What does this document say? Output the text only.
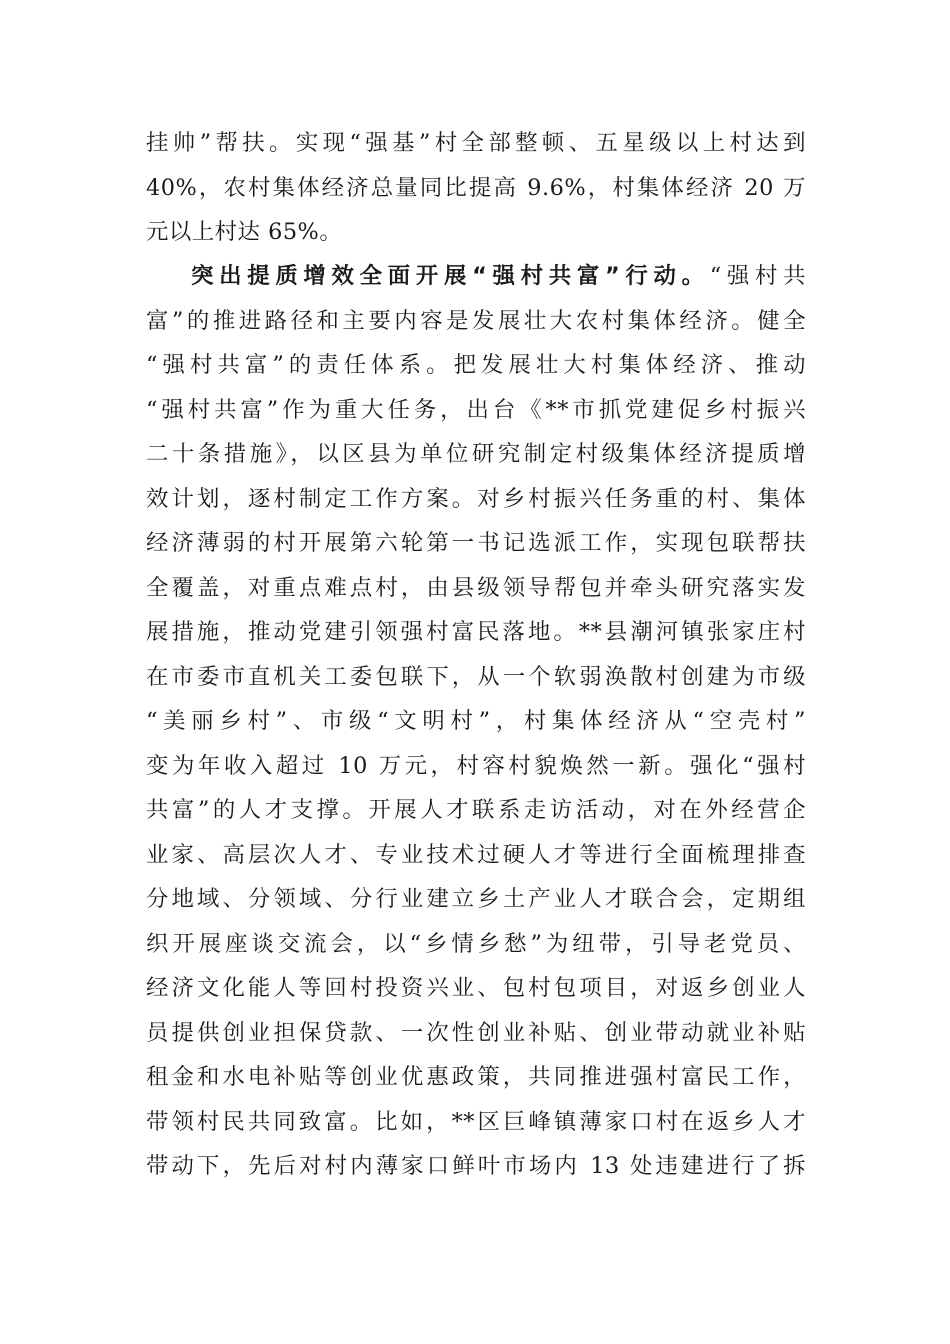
挂帅”帮扶。实现“强基”村全部整顿、五星级以上村达到
40%，农村集体经济总量同比提高 9.6%，村集体经济 20 万
元以上村达 65%。
突出提质增效全面开展“强村共富”行动。“强村共
富”的推进路径和主要内容是发展壮大农村集体经济。健全
“强村共富”的责任体系。把发展壮大村集体经济、推动
“强村共富”作为重大任务，出台《**市抓党建促乡村振兴
二十条措施》，以区县为单位研究制定村级集体经济提质增
效计划，逐村制定工作方案。对乡村振兴任务重的村、集体
经济薄弱的村开展第六轮第一书记选派工作，实现包联帮扶
全覆盖，对重点难点村，由县级领导帮包并牵头研究落实发
展措施，推动党建引领强村富民落地。**县潮河镇张家庄村
在市委市直机关工委包联下，从一个软弱涣散村创建为市级
“美丽乡村”、市级“文明村”，村集体经济从“空壳村”
变为年收入超过 10 万元，村容村貌焕然一新。强化“强村
共富”的人才支撑。开展人才联系走访活动，对在外经营企
业家、高层次人才、专业技术过硬人才等进行全面梳理排查
分地域、分领域、分行业建立乡土产业人才联合会，定期组
织开展座谈交流会，以“乡情乡愁”为纽带，引导老党员、
经济文化能人等回村投资兴业、包村包项目，对返乡创业人
员提供创业担保贷款、一次性创业补贴、创业带动就业补贴
租金和水电补贴等创业优惠政策，共同推进强村富民工作，
带领村民共同致富。比如，**区巨峰镇薄家口村在返乡人才
带动下，先后对村内薄家口鲜叶市场内 13 处违建进行了拆
